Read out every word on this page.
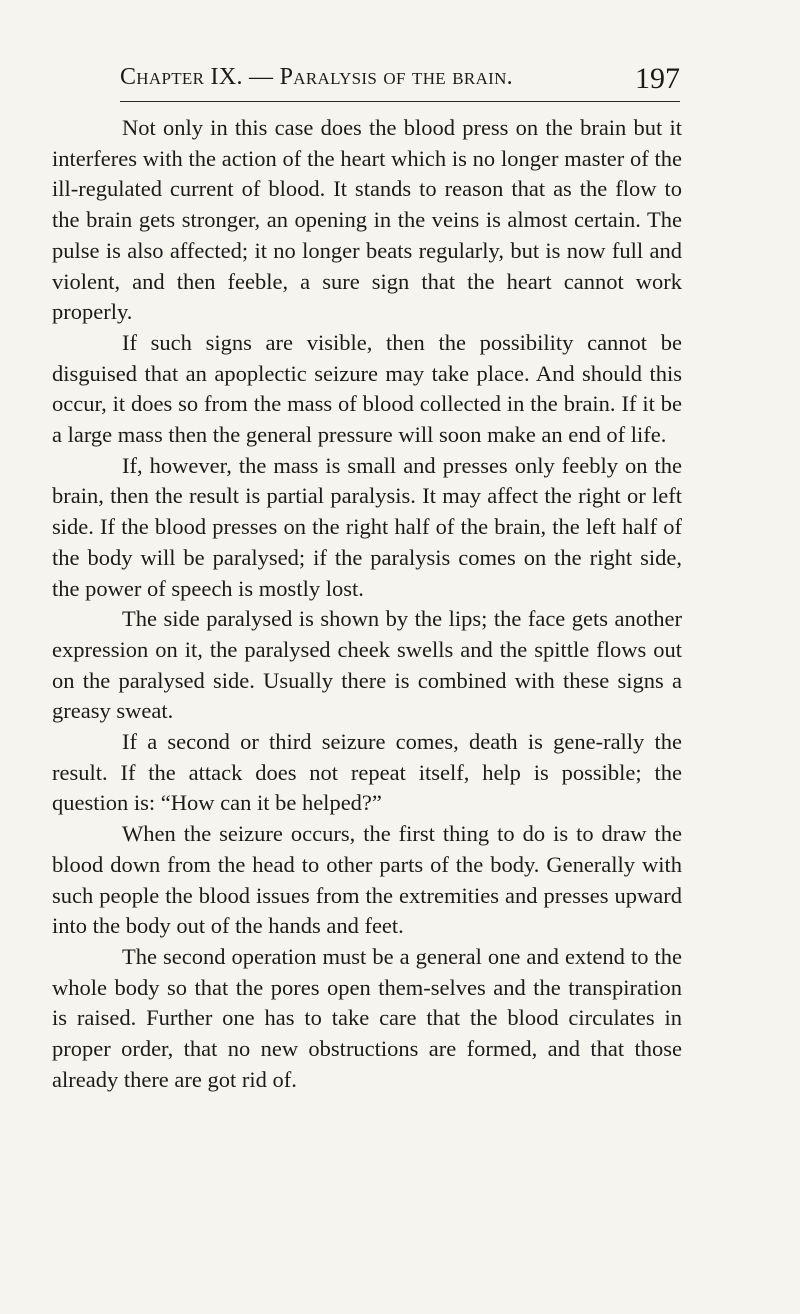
Chapter IX. — Paralysis of the brain.	197

Not only in this case does the blood press on the brain but it interferes with the action of the heart which is no longer master of the ill-regulated current of blood. It stands to reason that as the flow to the brain gets stronger, an opening in the veins is almost certain. The pulse is also affected; it no longer beats regularly, but is now full and violent, and then feeble, a sure sign that the heart cannot work properly.

If such signs are visible, then the possibility cannot be disguised that an apoplectic seizure may take place. And should this occur, it does so from the mass of blood collected in the brain. If it be a large mass then the general pressure will soon make an end of life.

If, however, the mass is small and presses only feebly on the brain, then the result is partial paralysis. It may affect the right or left side. If the blood presses on the right half of the brain, the left half of the body will be paralysed; if the paralysis comes on the right side, the power of speech is mostly lost.

The side paralysed is shown by the lips; the face gets another expression on it, the paralysed cheek swells and the spittle flows out on the paralysed side. Usually there is combined with these signs a greasy sweat.

If a second or third seizure comes, death is gene-rally the result. If the attack does not repeat itself, help is possible; the question is: “How can it be helped?”

When the seizure occurs, the first thing to do is to draw the blood down from the head to other parts of the body. Generally with such people the blood issues from the extremities and presses upward into the body out of the hands and feet.

The second operation must be a general one and extend to the whole body so that the pores open them-selves and the transpiration is raised. Further one has to take care that the blood circulates in proper order, that no new obstructions are formed, and that those already there are got rid of.
